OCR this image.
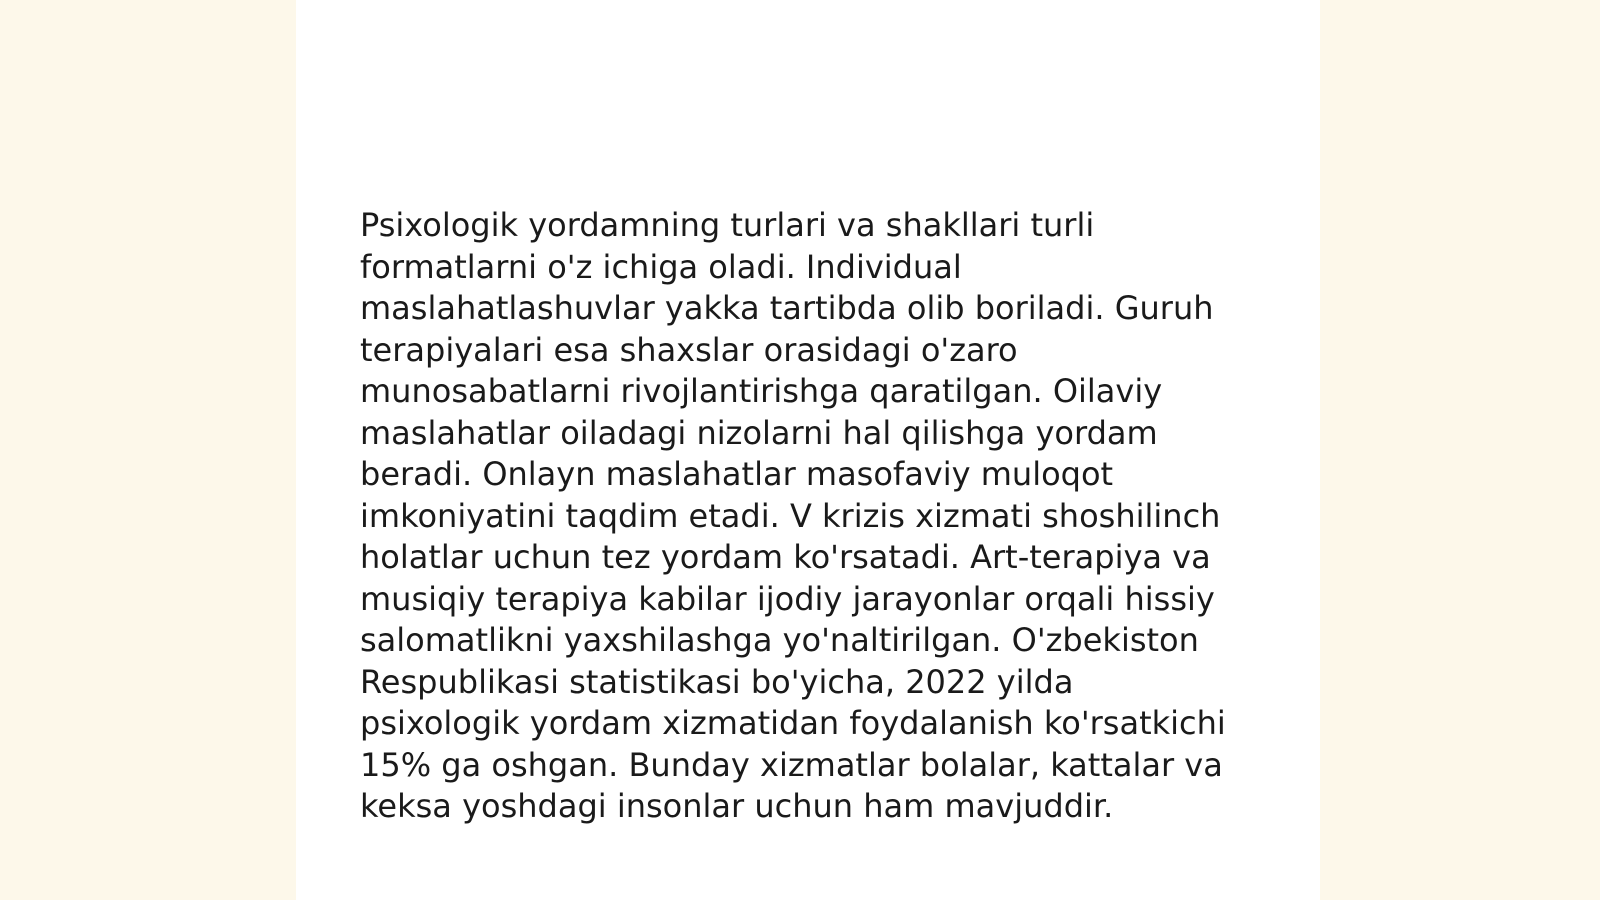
Psixologik yordamning turlari va shakllari turli
formatlarni o'z ichiga oladi. Individual
maslahatlashuvlar yakka tartibda olib boriladi. Guruh
terapiyalari esa shaxslar orasidagi o'zaro
munosabatlarni rivojlantirishga qaratilgan. Oilaviy
maslahatlar oiladagi nizolarni hal qilishga yordam
beradi. Onlayn maslahatlar masofaviy muloqot
imkoniyatini taqdim etadi. V krizis xizmati shoshilinch
holatlar uchun tez yordam ko'rsatadi. Art-terapiya va
musiqiy terapiya kabilar ijodiy jarayonlar orqali hissiy
salomatlikni yaxshilashga yo'naltirilgan. O'zbekiston
Respublikasi statistikasi bo'yicha, 2022 yilda
psixologik yordam xizmatidan foydalanish ko'rsatkichi
15% ga oshgan. Bunday xizmatlar bolalar, kattalar va
keksa yoshdagi insonlar uchun ham mavjuddir.
